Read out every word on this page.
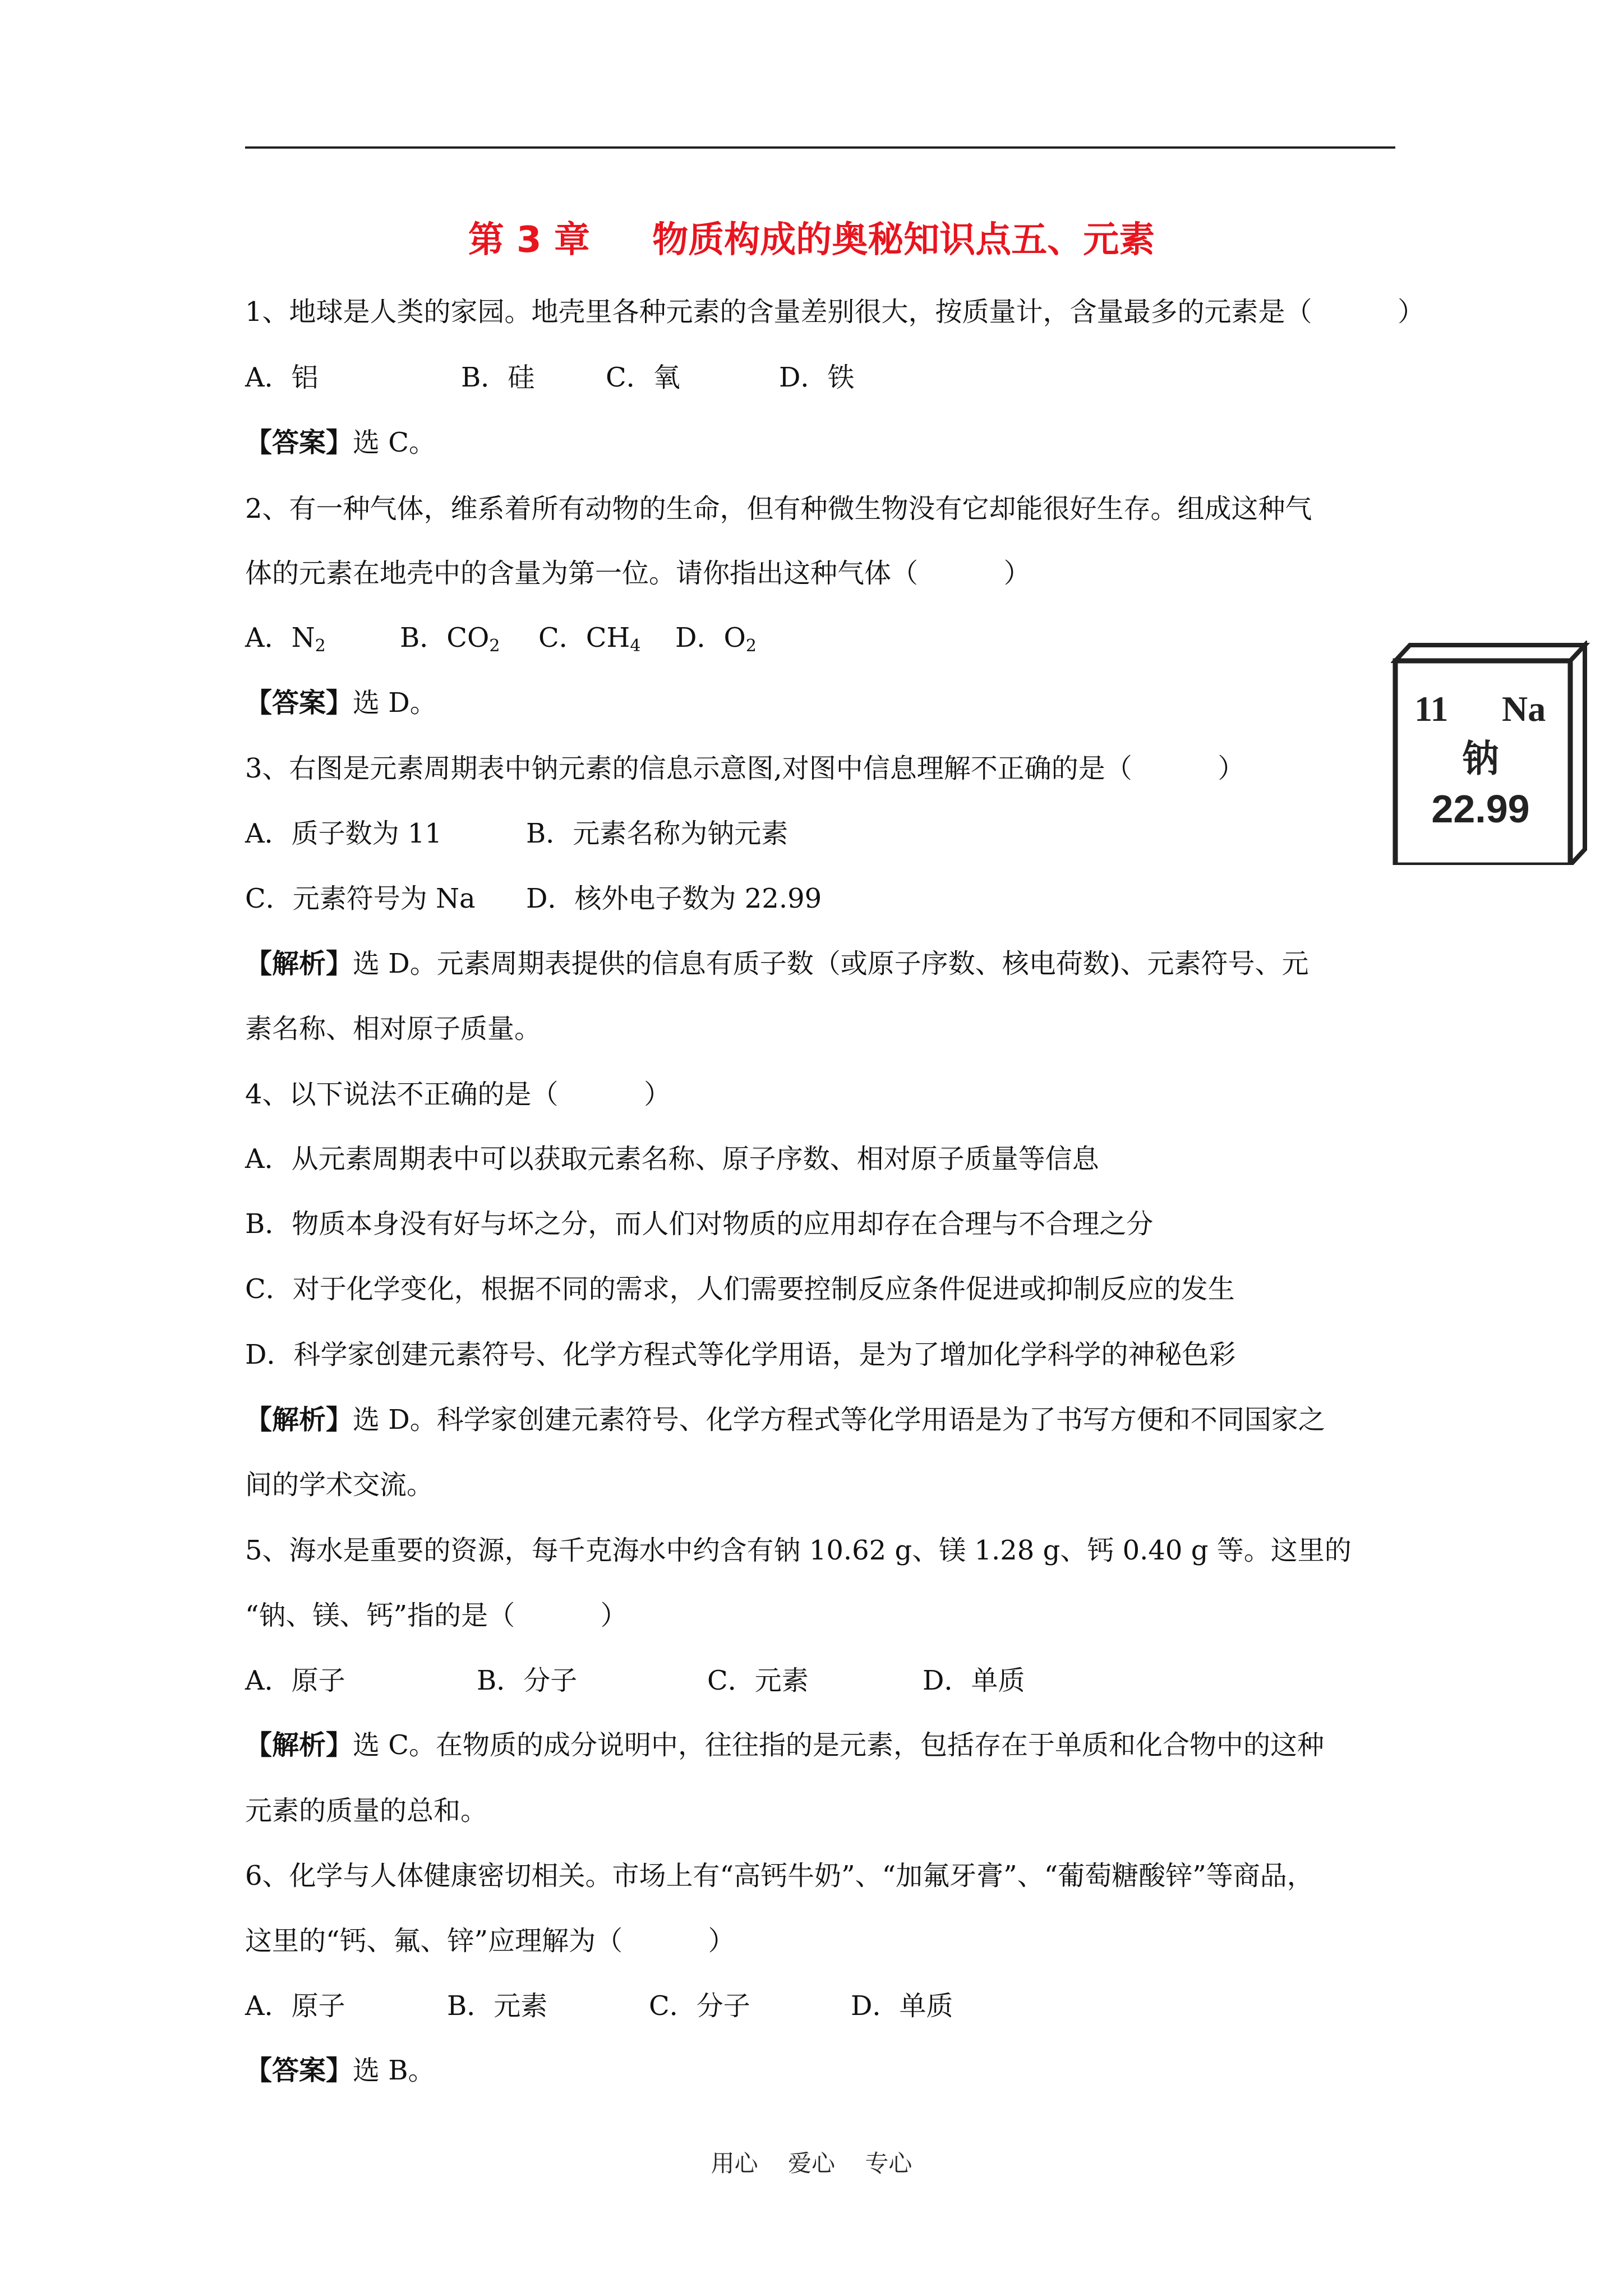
第 3 章     物质构成的奥秘知识点五、元素
1、地球是人类的家园。地壳里各种元素的含量差别很大，按质量计，含量最多的元素是（          ）
A．铝	B．硅	C．氧	D．铁
【答案】选 C。
2、有一种气体，维系着所有动物的生命，但有种微生物没有它却能很好生存。组成这种气
体的元素在地壳中的含量为第一位。请你指出这种气体（          ）
A．$N_2$	B．$CO_2$ C．$CH_4$ D．$O_2$
【答案】选 D。
3、右图是元素周期表中钠元素的信息示意图,对图中信息理解不正确的是（          ）
A．质子数为 11	B．元素名称为钠元素
C．元素符号为 Na D．核外电子数为 22.99
【解析】选 D。元素周期表提供的信息有质子数（或原子序数、核电荷数)、元素符号、元
素名称、相对原子质量。
11 Na
钠
22.99
4、以下说法不正确的是（          ）
A．从元素周期表中可以获取元素名称、原子序数、相对原子质量等信息
B．物质本身没有好与坏之分，而人们对物质的应用却存在合理与不合理之分
C．对于化学变化，根据不同的需求，人们需要控制反应条件促进或抑制反应的发生
D．科学家创建元素符号、化学方程式等化学用语，是为了增加化学科学的神秘色彩
【解析】选 D。科学家创建元素符号、化学方程式等化学用语是为了书写方便和不同国家之
间的学术交流。
5、海水是重要的资源，每千克海水中约含有钠 10.62 g、镁 1.28 g、钙 0.40 g 等。这里的
“钠、镁、钙”指的是（          ）
A．原子	B．分子	C．元素	D．单质
【解析】选 C。在物质的成分说明中，往往指的是元素，包括存在于单质和化合物中的这种
元素的质量的总和。
6、化学与人体健康密切相关。市场上有“高钙牛奶”、“加氟牙膏”、“葡萄糖酸锌”等商品，
这里的“钙、氟、锌”应理解为（          ）
A．原子	B．元素	C．分子	D．单质
【答案】选 B。
用心    爱心    专心
